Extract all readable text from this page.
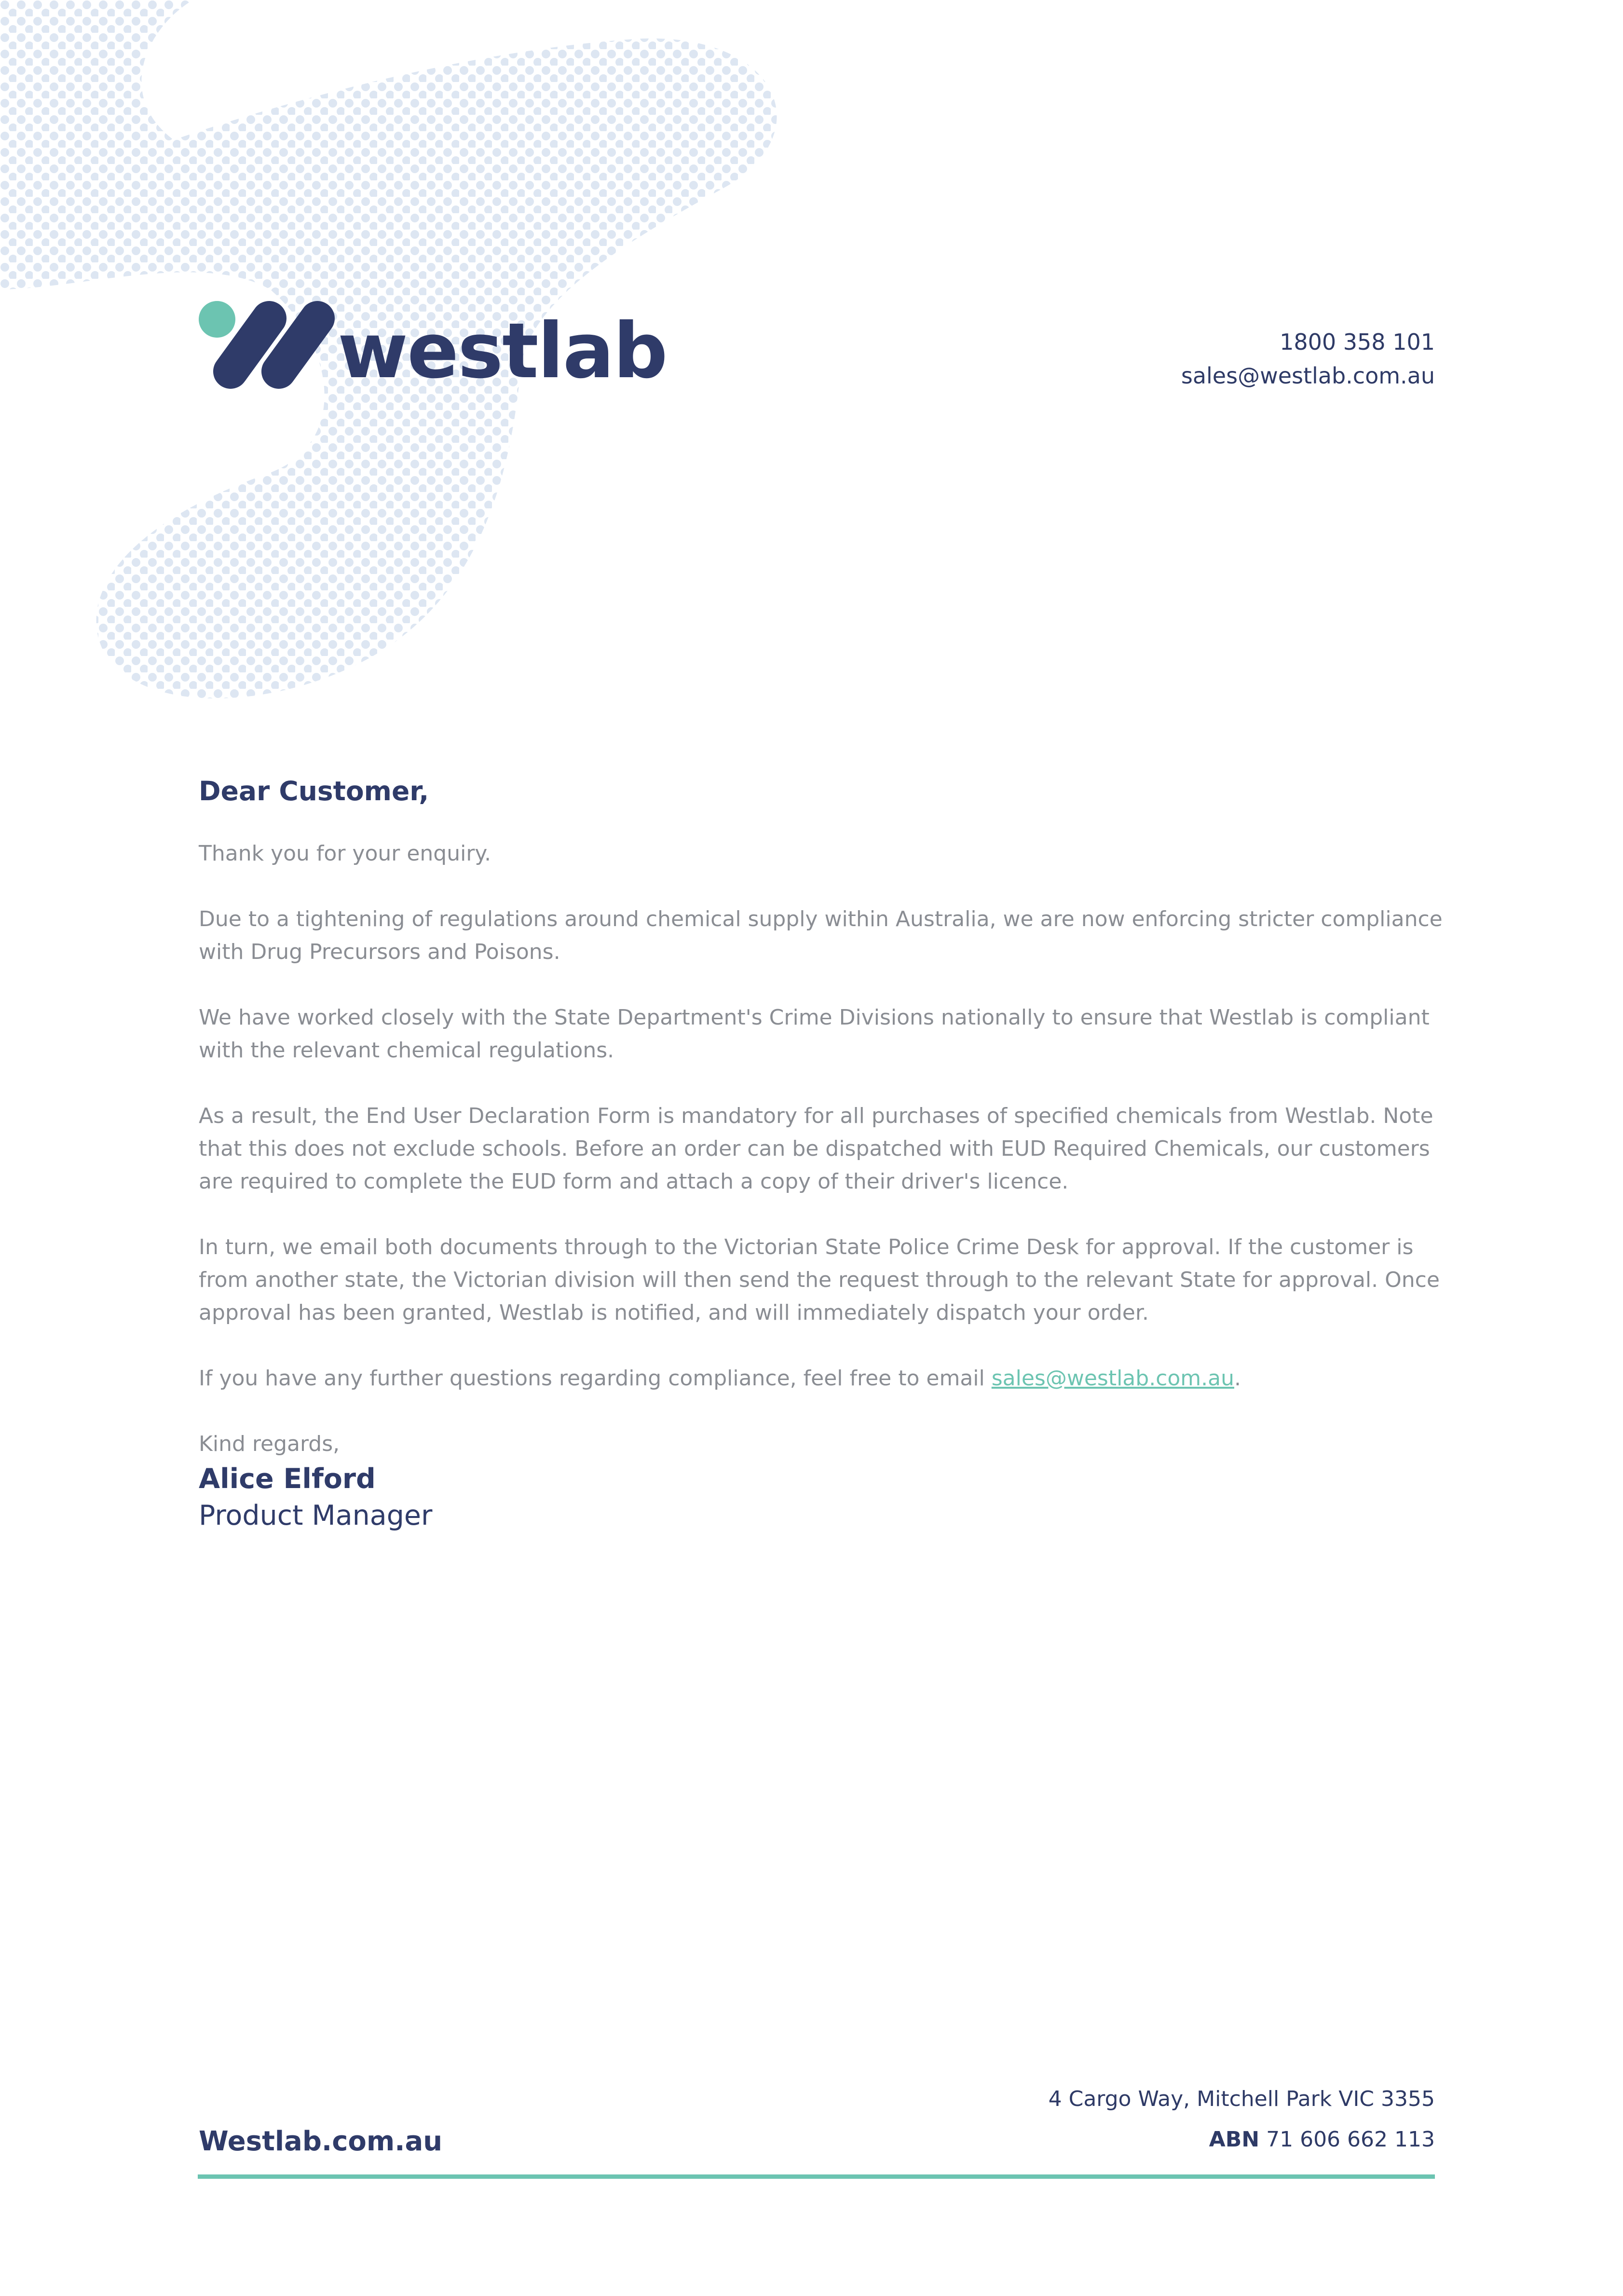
westlab	1800 358 101
sales@westlab.com.au

Dear Customer,

Thank you for your enquiry.

Due to a tightening of regulations around chemical supply within Australia, we are now enforcing stricter compliance with Drug Precursors and Poisons.

We have worked closely with the State Department's Crime Divisions nationally to ensure that Westlab is compliant with the relevant chemical regulations.

As a result, the End User Declaration Form is mandatory for all purchases of specified chemicals from Westlab. Note that this does not exclude schools. Before an order can be dispatched with EUD Required Chemicals, our customers are required to complete the EUD form and attach a copy of their driver's licence.

In turn, we email both documents through to the Victorian State Police Crime Desk for approval. If the customer is from another state, the Victorian division will then send the request through to the relevant State for approval. Once approval has been granted, Westlab is notified, and will immediately dispatch your order.

If you have any further questions regarding compliance, feel free to email sales@westlab.com.au.

Kind regards,

Alice Elford

Product Manager

4 Cargo Way, Mitchell Park VIC 3355
ABN 71 606 662 113
Westlab.com.au
